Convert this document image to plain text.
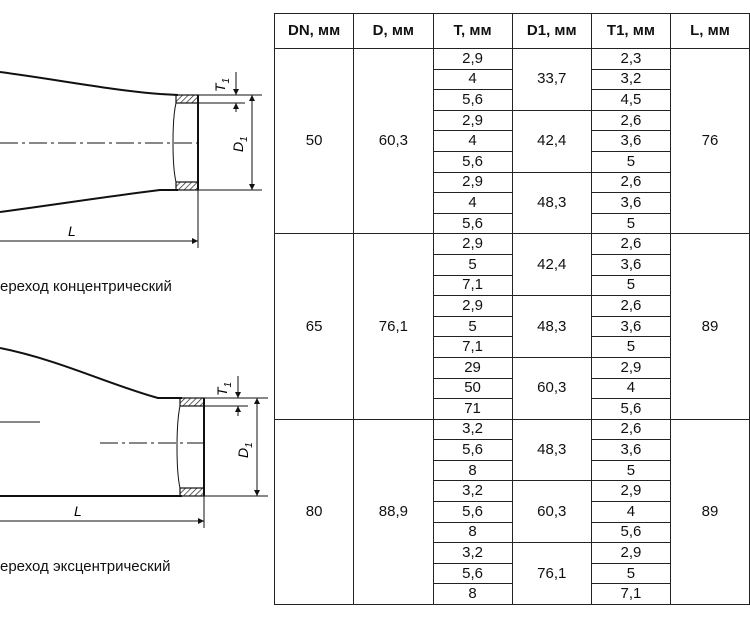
$T_1$
$D_1$
L
$T_1$
$D_1$
L
ереход концентрический
ереход эксцентрический
DN, мм	D, мм	T, мм	D1, мм	T1, мм	L, мм
50	60,3	2,9	33,7	2,3	76
		4		3,2	
		5,6		4,5	
		2,9	42,4	2,6	
		4		3,6	
		5,6		5	
		2,9	48,3	2,6	
		4		3,6	
		5,6		5	
65	76,1	2,9	42,4	2,6	89
		5		3,6	
		7,1		5	
		2,9	48,3	2,6	
		5		3,6	
		7,1		5	
		29	60,3	2,9	
		50		4	
		71		5,6	
80	88,9	3,2	48,3	2,6	89
		5,6		3,6	
		8		5	
		3,2	60,3	2,9	
		5,6		4	
		8		5,6	
		3,2	76,1	2,9	
		5,6		5	
		8		7,1	
